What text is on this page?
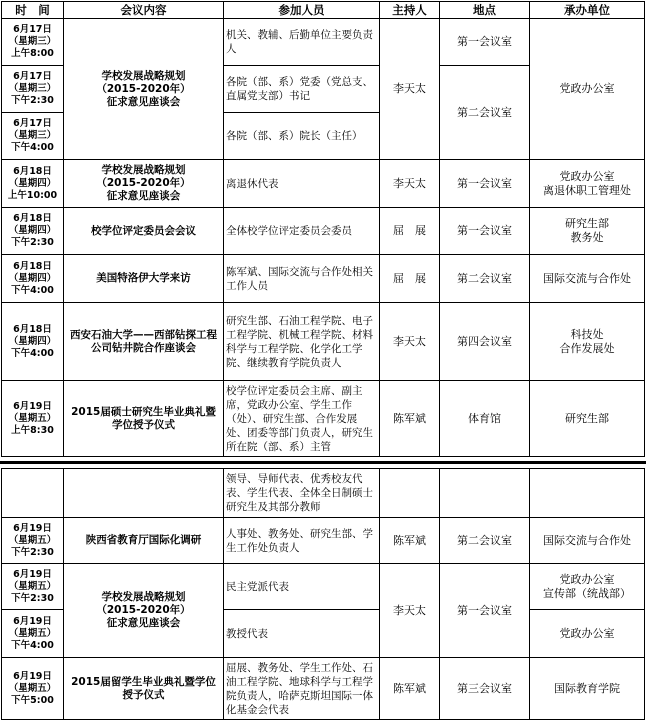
时　间	会议内容	参加人员	主持人	地点	承办单位
6月17日
（星期三）
上午8:00	学校发展战略规划
（2015-2020年）
征求意见座谈会	机关、教辅、后勤单位主要负责人	李天太	第一会议室	党政办公室
6月17日
（星期三）
下午2:30		各院（部、系）党委（党总支、直属党支部）书记		第二会议室	
6月17日
（星期三）
下午4:00		各院（部、系）院长（主任）			
6月18日
（星期四）
上午10:00	学校发展战略规划
（2015-2020年）
征求意见座谈会	离退休代表	李天太	第一会议室	党政办公室
离退休职工管理处
6月18日
（星期四）
下午2:30	校学位评定委员会会议	全体校学位评定委员会委员	屈　展	第一会议室	研究生部
教务处
6月18日
（星期四）
下午4:00	美国特洛伊大学来访	陈军斌、国际交流与合作处相关工作人员	屈　展	第二会议室	国际交流与合作处
6月18日
（星期四）
下午4:00	西安石油大学——西部钻探工程公司钻井院合作座谈会	研究生部、石油工程学院、电子工程学院、机械工程学院、材料科学与工程学院、化学化工学院、继续教育学院负责人	李天太	第四会议室	科技处
合作发展处
6月19日
（星期五）
上午8:30	2015届硕士研究生毕业典礼暨学位授予仪式	校学位评定委员会主席、副主席，党政办公室、学生工作（处）、研究生部、合作发展处、团委等部门负责人，研究生所在院（部、系）主管	陈军斌	体育馆	研究生部
		领导、导师代表、优秀校友代表、学生代表、全体全日制硕士研究生及其部分教师			
6月19日
（星期五）
下午2:30	陕西省教育厅国际化调研	人事处、教务处、研究生部、学生工作处负责人	陈军斌	第二会议室	国际交流与合作处
6月19日
（星期五）
下午2:30	学校发展战略规划
（2015-2020年）
征求意见座谈会	民主党派代表	李天太	第一会议室	党政办公室
宣传部（统战部）
6月19日
（星期五）
下午4:00		教授代表			党政办公室
6月19日
（星期五）
下午5:00	2015届留学生毕业典礼暨学位授予仪式	屈展、教务处、学生工作处、石油工程学院、地球科学与工程学院负责人，哈萨克斯坦国际一体化基金会代表	陈军斌	第三会议室	国际教育学院
